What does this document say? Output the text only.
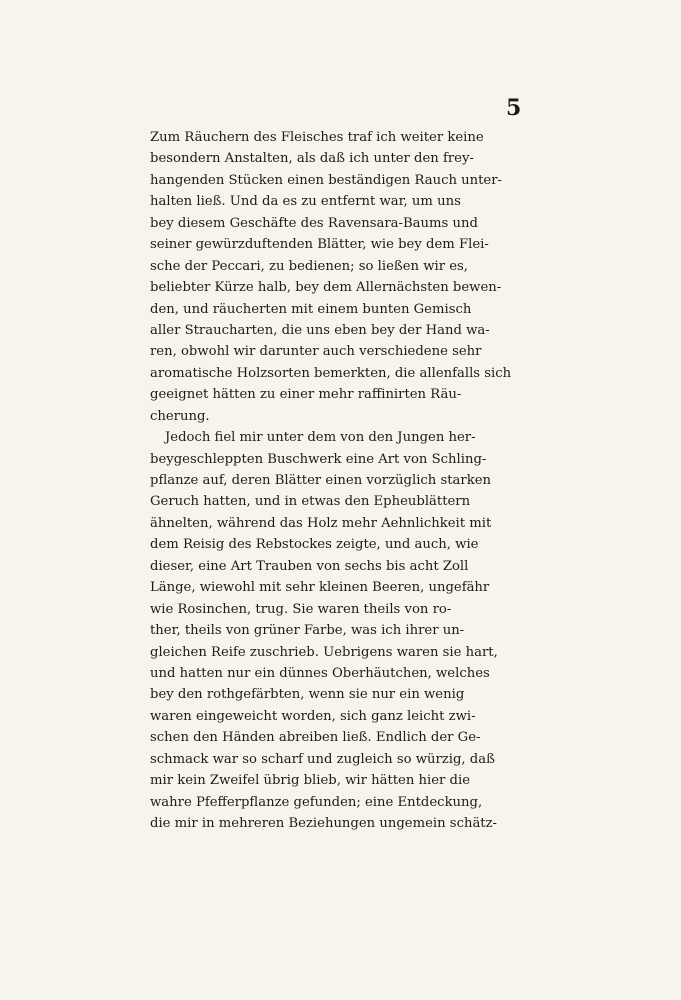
5
Zum Räuchern des Fleisches traf ich weiter keine
besondern Anstalten, als daß ich unter den frey-
hangenden Stücken einen beständigen Rauch unter-
halten ließ. Und da es zu entfernt war, um uns
bey diesem Geschäfte des Ravensara-Baums und
seiner gewürzduftenden Blätter, wie bey dem Flei-
sche der Peccari, zu bedienen; so ließen wir es,
beliebter Kürze halb, bey dem Allernächsten bewen-
den, und räucherten mit einem bunten Gemisch
aller Straucharten, die uns eben bey der Hand wa-
ren, obwohl wir darunter auch verschiedene sehr
aromatische Holzsorten bemerkten, die allenfalls sich
geeignet hätten zu einer mehr raffinirten Räu-
cherung.
Jedoch fiel mir unter dem von den Jungen her-
beygeschleppten Buschwerk eine Art von Schling-
pflanze auf, deren Blätter einen vorzüglich starken
Geruch hatten, und in etwas den Epheublättern
ähnelten, während das Holz mehr Aehnlichkeit mit
dem Reisig des Rebstockes zeigte, und auch, wie
dieser, eine Art Trauben von sechs bis acht Zoll
Länge, wiewohl mit sehr kleinen Beeren, ungefähr
wie Rosinchen, trug. Sie waren theils von ro-
ther, theils von grüner Farbe, was ich ihrer un-
gleichen Reife zuschrieb. Uebrigens waren sie hart,
und hatten nur ein dünnes Oberhäutchen, welches
bey den rothgefärbten, wenn sie nur ein wenig
waren eingeweicht worden, sich ganz leicht zwi-
schen den Händen abreiben ließ. Endlich der Ge-
schmack war so scharf und zugleich so würzig, daß
mir kein Zweifel übrig blieb, wir hätten hier die
wahre Pfefferpflanze gefunden; eine Entdeckung,
die mir in mehreren Beziehungen ungemein schätz-
